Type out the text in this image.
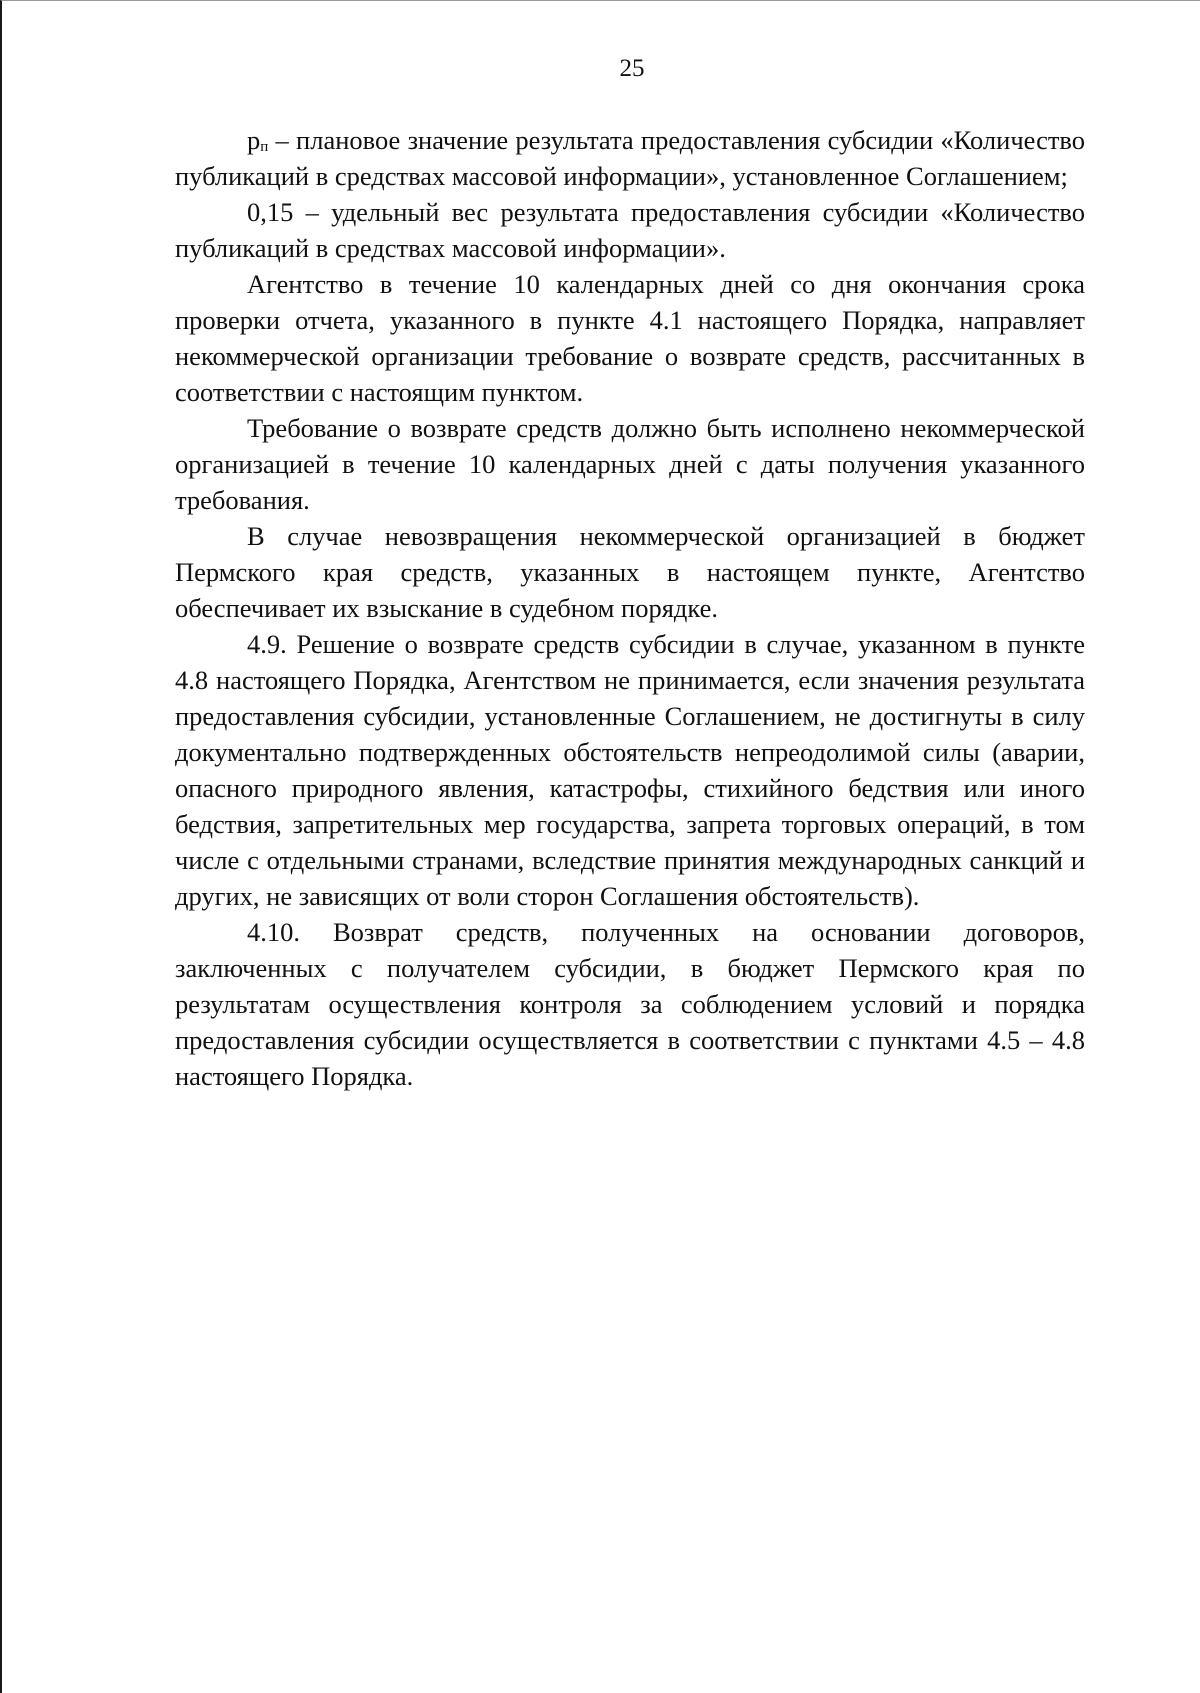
25

$р_п$ – плановое значение результата предоставления субсидии «Количество публикаций в средствах массовой информации», установленное Соглашением;

0,15 – удельный вес результата предоставления субсидии «Количество публикаций в средствах массовой информации».

Агентство в течение 10 календарных дней со дня окончания срока проверки отчета, указанного в пункте 4.1 настоящего Порядка, направляет некоммерческой организации требование о возврате средств, рассчитанных в соответствии с настоящим пунктом.

Требование о возврате средств должно быть исполнено некоммерческой организацией в течение 10 календарных дней с даты получения указанного требования.

В случае невозвращения некоммерческой организацией в бюджет Пермского края средств, указанных в настоящем пункте, Агентство обеспечивает их взыскание в судебном порядке.

4.9. Решение о возврате средств субсидии в случае, указанном в пункте 4.8 настоящего Порядка, Агентством не принимается, если значения результата предоставления субсидии, установленные Соглашением, не достигнуты в силу документально подтвержденных обстоятельств непреодолимой силы (аварии, опасного природного явления, катастрофы, стихийного бедствия или иного бедствия, запретительных мер государства, запрета торговых операций, в том числе с отдельными странами, вследствие принятия международных санкций и других, не зависящих от воли сторон Соглашения обстоятельств).

4.10. Возврат средств, полученных на основании договоров, заключенных с получателем субсидии, в бюджет Пермского края по результатам осуществления контроля за соблюдением условий и порядка предоставления субсидии осуществляется в соответствии с пунктами 4.5 – 4.8 настоящего Порядка.
